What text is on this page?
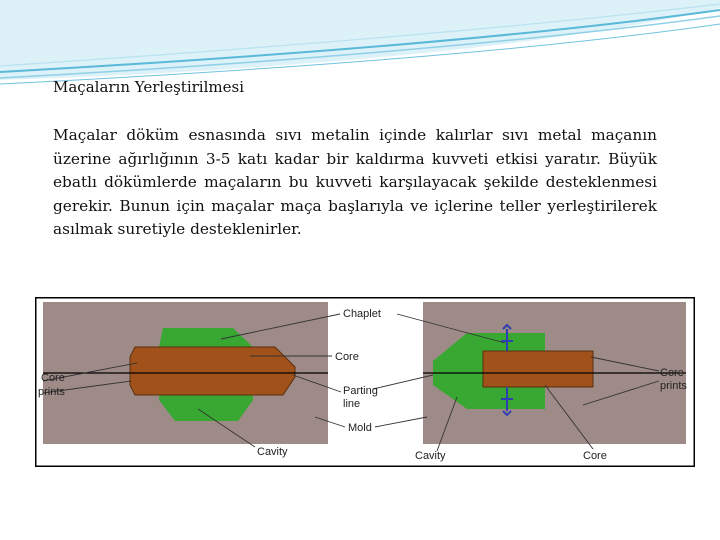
Maçaların Yerleştirilmesi
Maçalar döküm esnasında sıvı metalin içinde kalırlar sıvı metal maçanın üzerine ağırlığının 3-5 katı kadar bir kaldırma kuvveti etkisi yaratır. Büyük ebatlı dökümlerde maçaların bu kuvveti karşılayacak şekilde desteklenmesi gerekir. Bunun için maçalar maça başlarıyla ve içlerine teller yerleştirilerek asılmak suretiyle desteklenirler.
Chaplet
Core
Core
prints	Parting
line
Mold
Cavity	Cavity	Core
Core
prints
